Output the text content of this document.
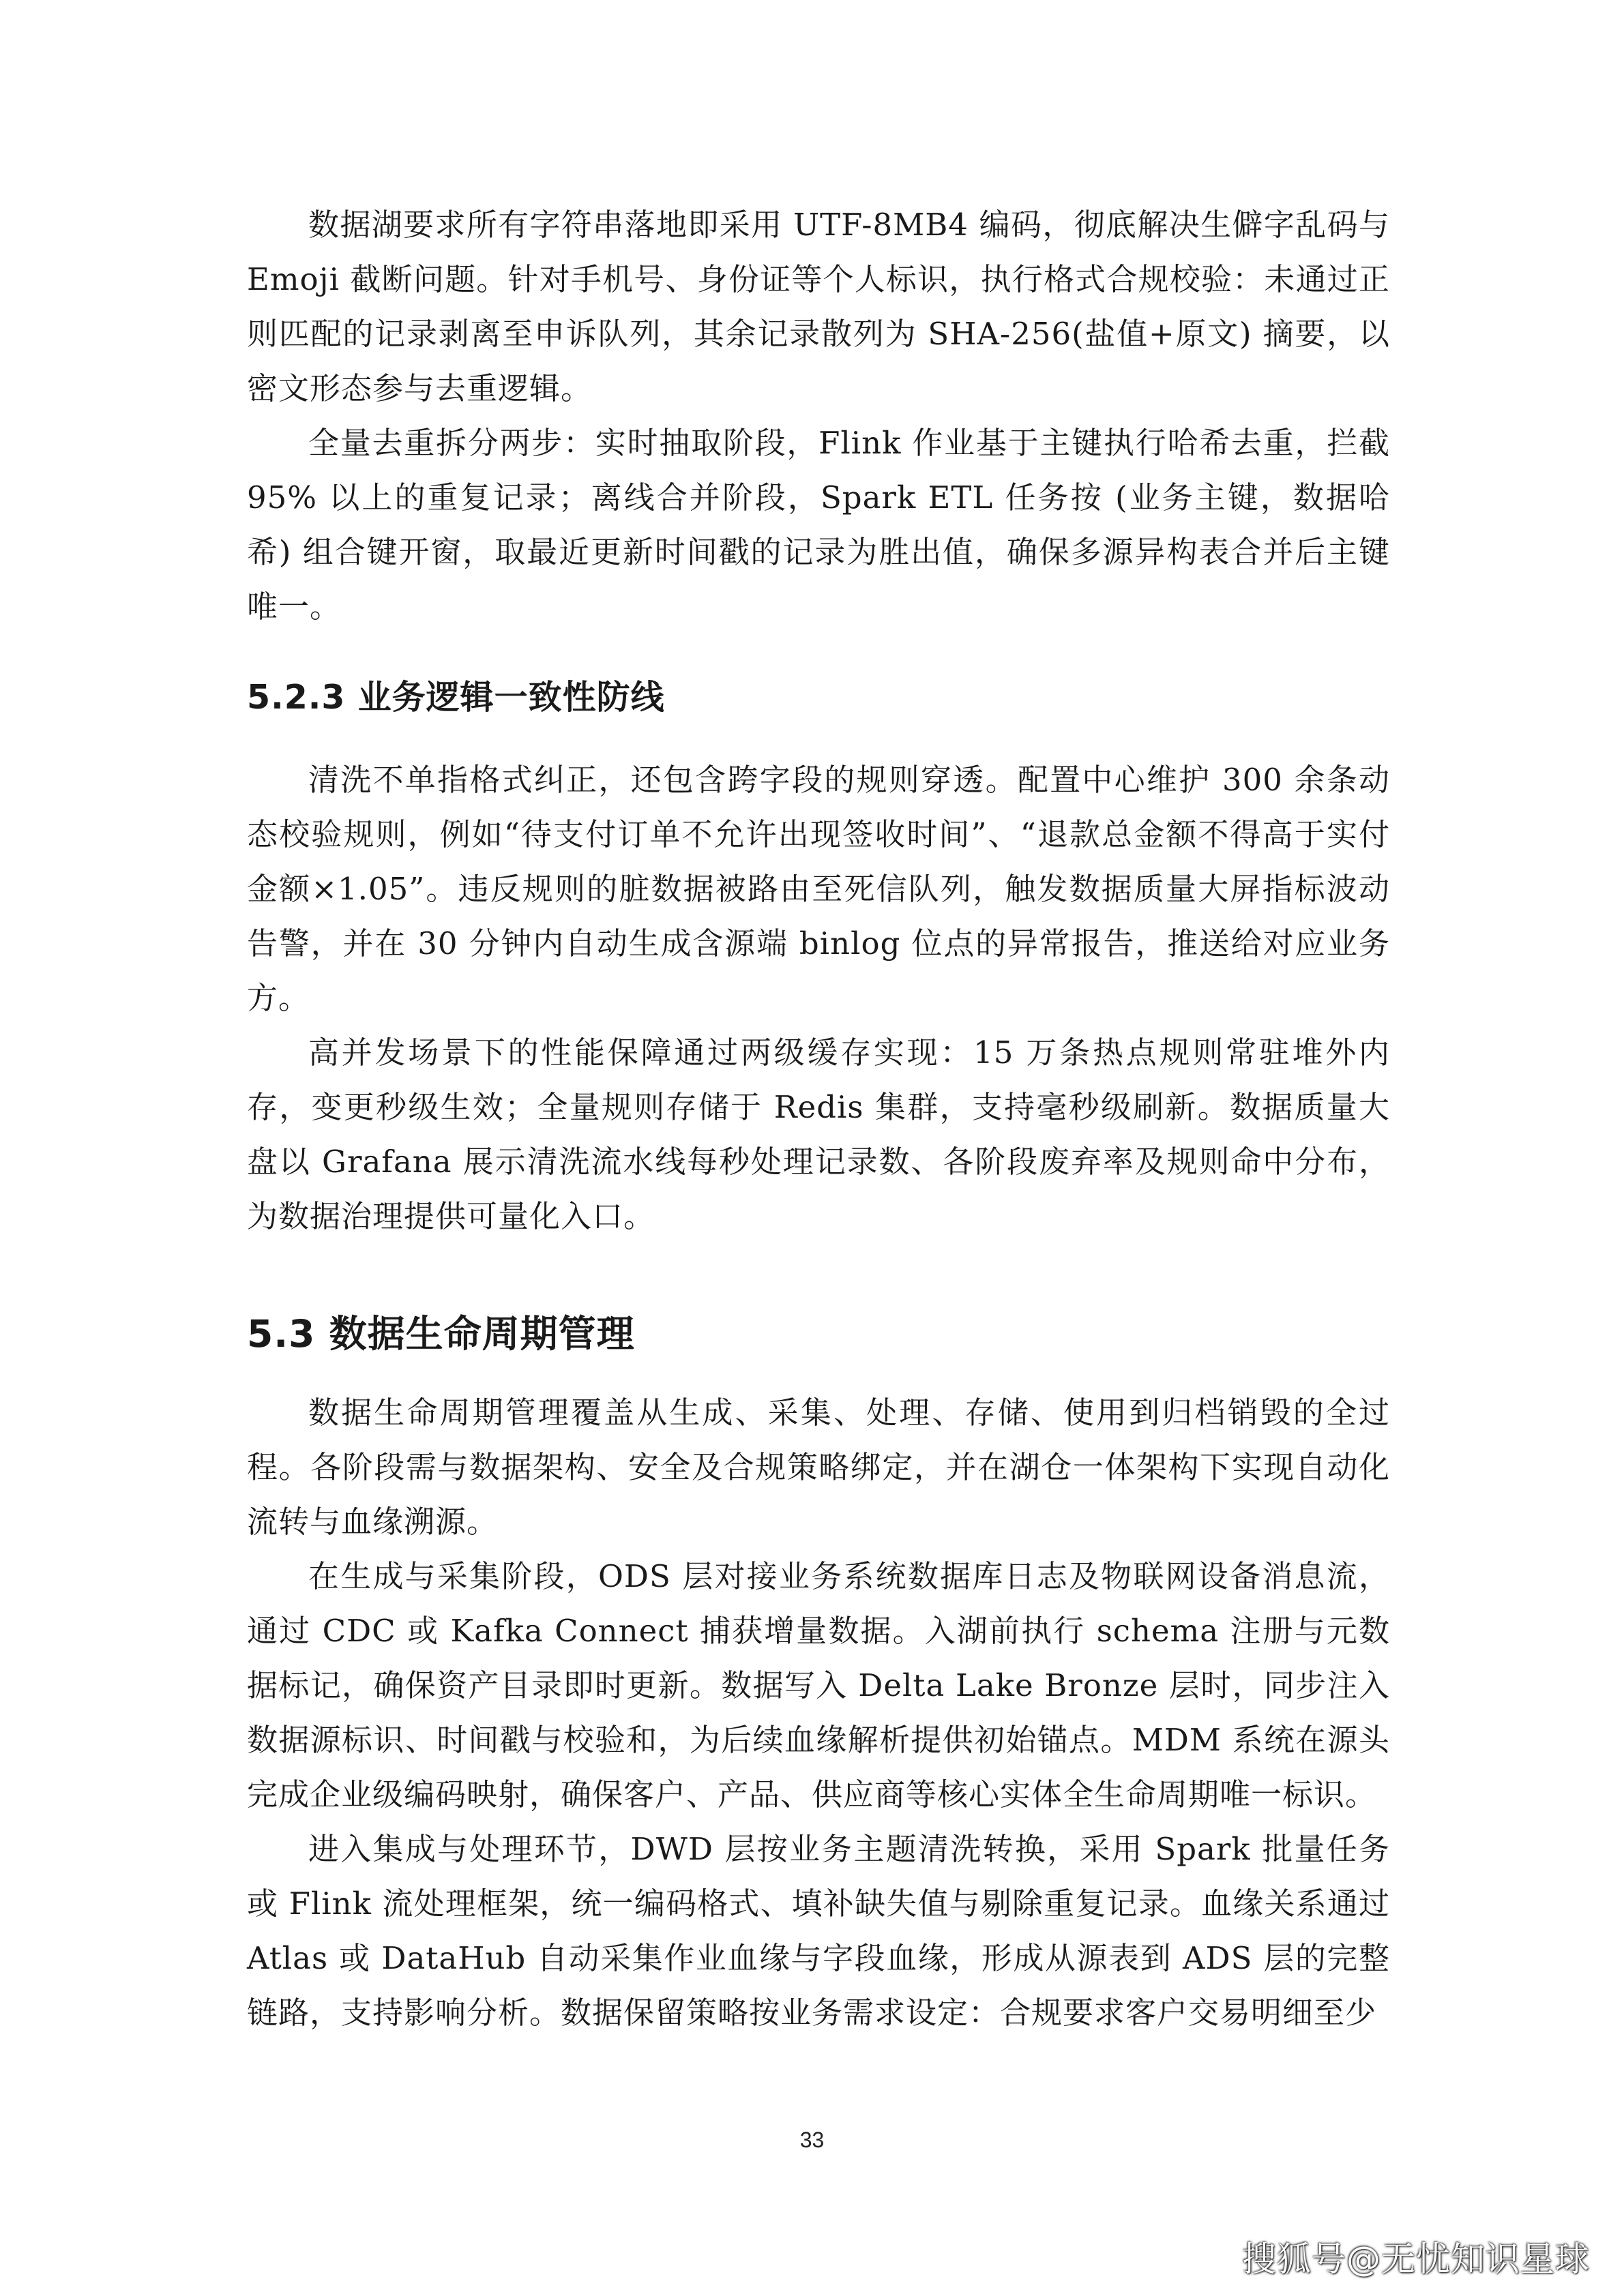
数据湖要求所有字符串落地即采用 UTF-8MB4 编码，彻底解决生僻字乱码与 Emoji 截断问题。针对手机号、身份证等个人标识，执行格式合规校验：未通过正则匹配的记录剥离至申诉队列，其余记录散列为 SHA-256(盐值+原文) 摘要，以密文形态参与去重逻辑。

全量去重拆分两步：实时抽取阶段，Flink 作业基于主键执行哈希去重，拦截 95% 以上的重复记录；离线合并阶段，Spark ETL 任务按 (业务主键，数据哈希) 组合键开窗，取最近更新时间戳的记录为胜出值，确保多源异构表合并后主键唯一。

5.2.3 业务逻辑一致性防线

清洗不单指格式纠正，还包含跨字段的规则穿透。配置中心维护 300 余条动态校验规则，例如“待支付订单不允许出现签收时间”、“退款总金额不得高于实付金额×1.05”。违反规则的脏数据被路由至死信队列，触发数据质量大屏指标波动告警，并在 30 分钟内自动生成含源端 binlog 位点的异常报告，推送给对应业务方。

高并发场景下的性能保障通过两级缓存实现：15 万条热点规则常驻堆外内存，变更秒级生效；全量规则存储于 Redis 集群，支持毫秒级刷新。数据质量大盘以 Grafana 展示清洗流水线每秒处理记录数、各阶段废弃率及规则命中分布，为数据治理提供可量化入口。

5.3 数据生命周期管理

数据生命周期管理覆盖从生成、采集、处理、存储、使用到归档销毁的全过程。各阶段需与数据架构、安全及合规策略绑定，并在湖仓一体架构下实现自动化流转与血缘溯源。

在生成与采集阶段，ODS 层对接业务系统数据库日志及物联网设备消息流，通过 CDC 或 Kafka Connect 捕获增量数据。入湖前执行 schema 注册与元数据标记，确保资产目录即时更新。数据写入 Delta Lake Bronze 层时，同步注入数据源标识、时间戳与校验和，为后续血缘解析提供初始锚点。MDM 系统在源头完成企业级编码映射，确保客户、产品、供应商等核心实体全生命周期唯一标识。

进入集成与处理环节，DWD 层按业务主题清洗转换，采用 Spark 批量任务或 Flink 流处理框架，统一编码格式、填补缺失值与剔除重复记录。血缘关系通过 Atlas 或 DataHub 自动采集作业血缘与字段血缘，形成从源表到 ADS 层的完整链路，支持影响分析。数据保留策略按业务需求设定：合规要求客户交易明细至少

33
搜狐号@无忧知识星球
